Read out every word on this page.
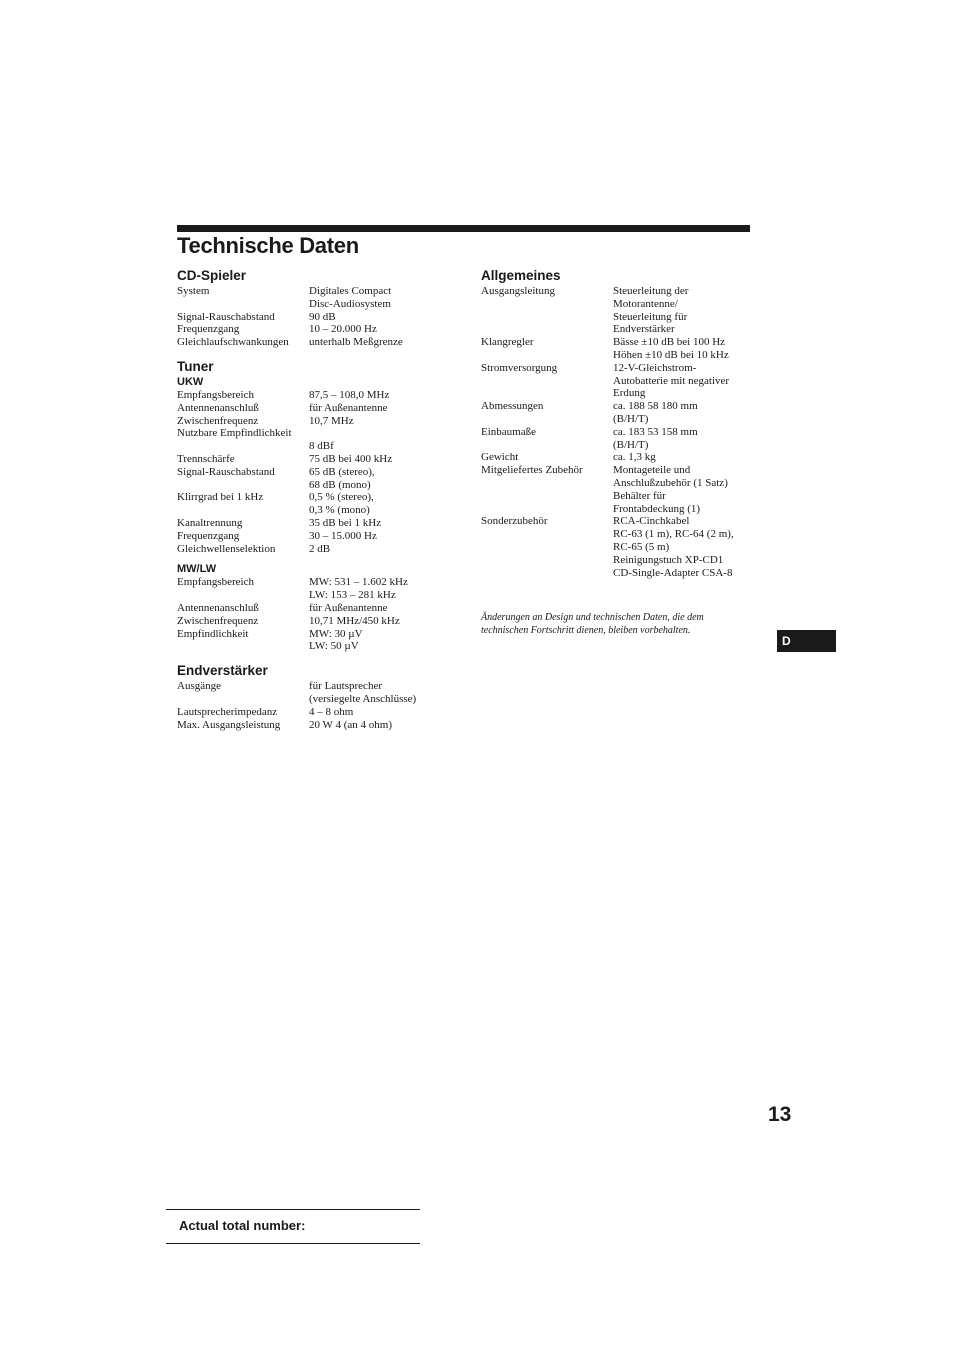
Technische Daten
CD-Spieler
System	Digitales Compact
Disc-Audiosystem
Signal-Rauschabstand	90 dB
Frequenzgang	10 – 20.000 Hz
Gleichlaufschwankungen	unterhalb Meßgrenze
Tuner
UKW
Empfangsbereich	87,5 – 108,0 MHz
Antennenanschluß	für Außenantenne
Zwischenfrequenz	10,7 MHz
Nutzbare Empfindlichkeit
8 dBf
Trennschärfe	75 dB bei 400 kHz
Signal-Rauschabstand	65 dB (stereo),
68 dB (mono)
Klirrgrad bei 1 kHz	0,5 % (stereo),
0,3 % (mono)
Kanaltrennung	35 dB bei 1 kHz
Frequenzgang	30 – 15.000 Hz
Gleichwellenselektion	2 dB
MW/LW
Empfangsbereich	MW: 531 – 1.602 kHz
LW: 153 – 281 kHz
Antennenanschluß	für Außenantenne
Zwischenfrequenz	10,71 MHz/450 kHz
Empfindlichkeit	MW: 30 µV
LW: 50 µV
Endverstärker
Ausgänge	für Lautsprecher
(versiegelte Anschlüsse)
Lautsprecherimpedanz	4 – 8 ohm
Max. Ausgangsleistung	20 W 4 (an 4 ohm)
Allgemeines
Ausgangsleitung	Steuerleitung der
Motorantenne/
Steuerleitung für
Endverstärker
Klangregler	Bässe ±10 dB bei 100 Hz
Höhen ±10 dB bei 10 kHz
Stromversorgung	12-V-Gleichstrom-
Autobatterie mit negativer
Erdung
Abmessungen	ca. 188 58 180 mm
(B/H/T)
Einbaumaße	ca. 183 53 158 mm
(B/H/T)
Gewicht	ca. 1,3 kg
Mitgeliefertes Zubehör	Montageteile und
Anschlußzubehör (1 Satz)
Behälter für
Frontabdeckung (1)
Sonderzubehör	RCA-Cinchkabel
RC-63 (1 m), RC-64 (2 m),
RC-65 (5 m)
Reinigungstuch XP-CD1
CD-Single-Adapter CSA-8
Änderungen an Design und technischen Daten, die dem technischen Fortschritt dienen, bleiben vorbehalten.
D
13
Actual total number:
